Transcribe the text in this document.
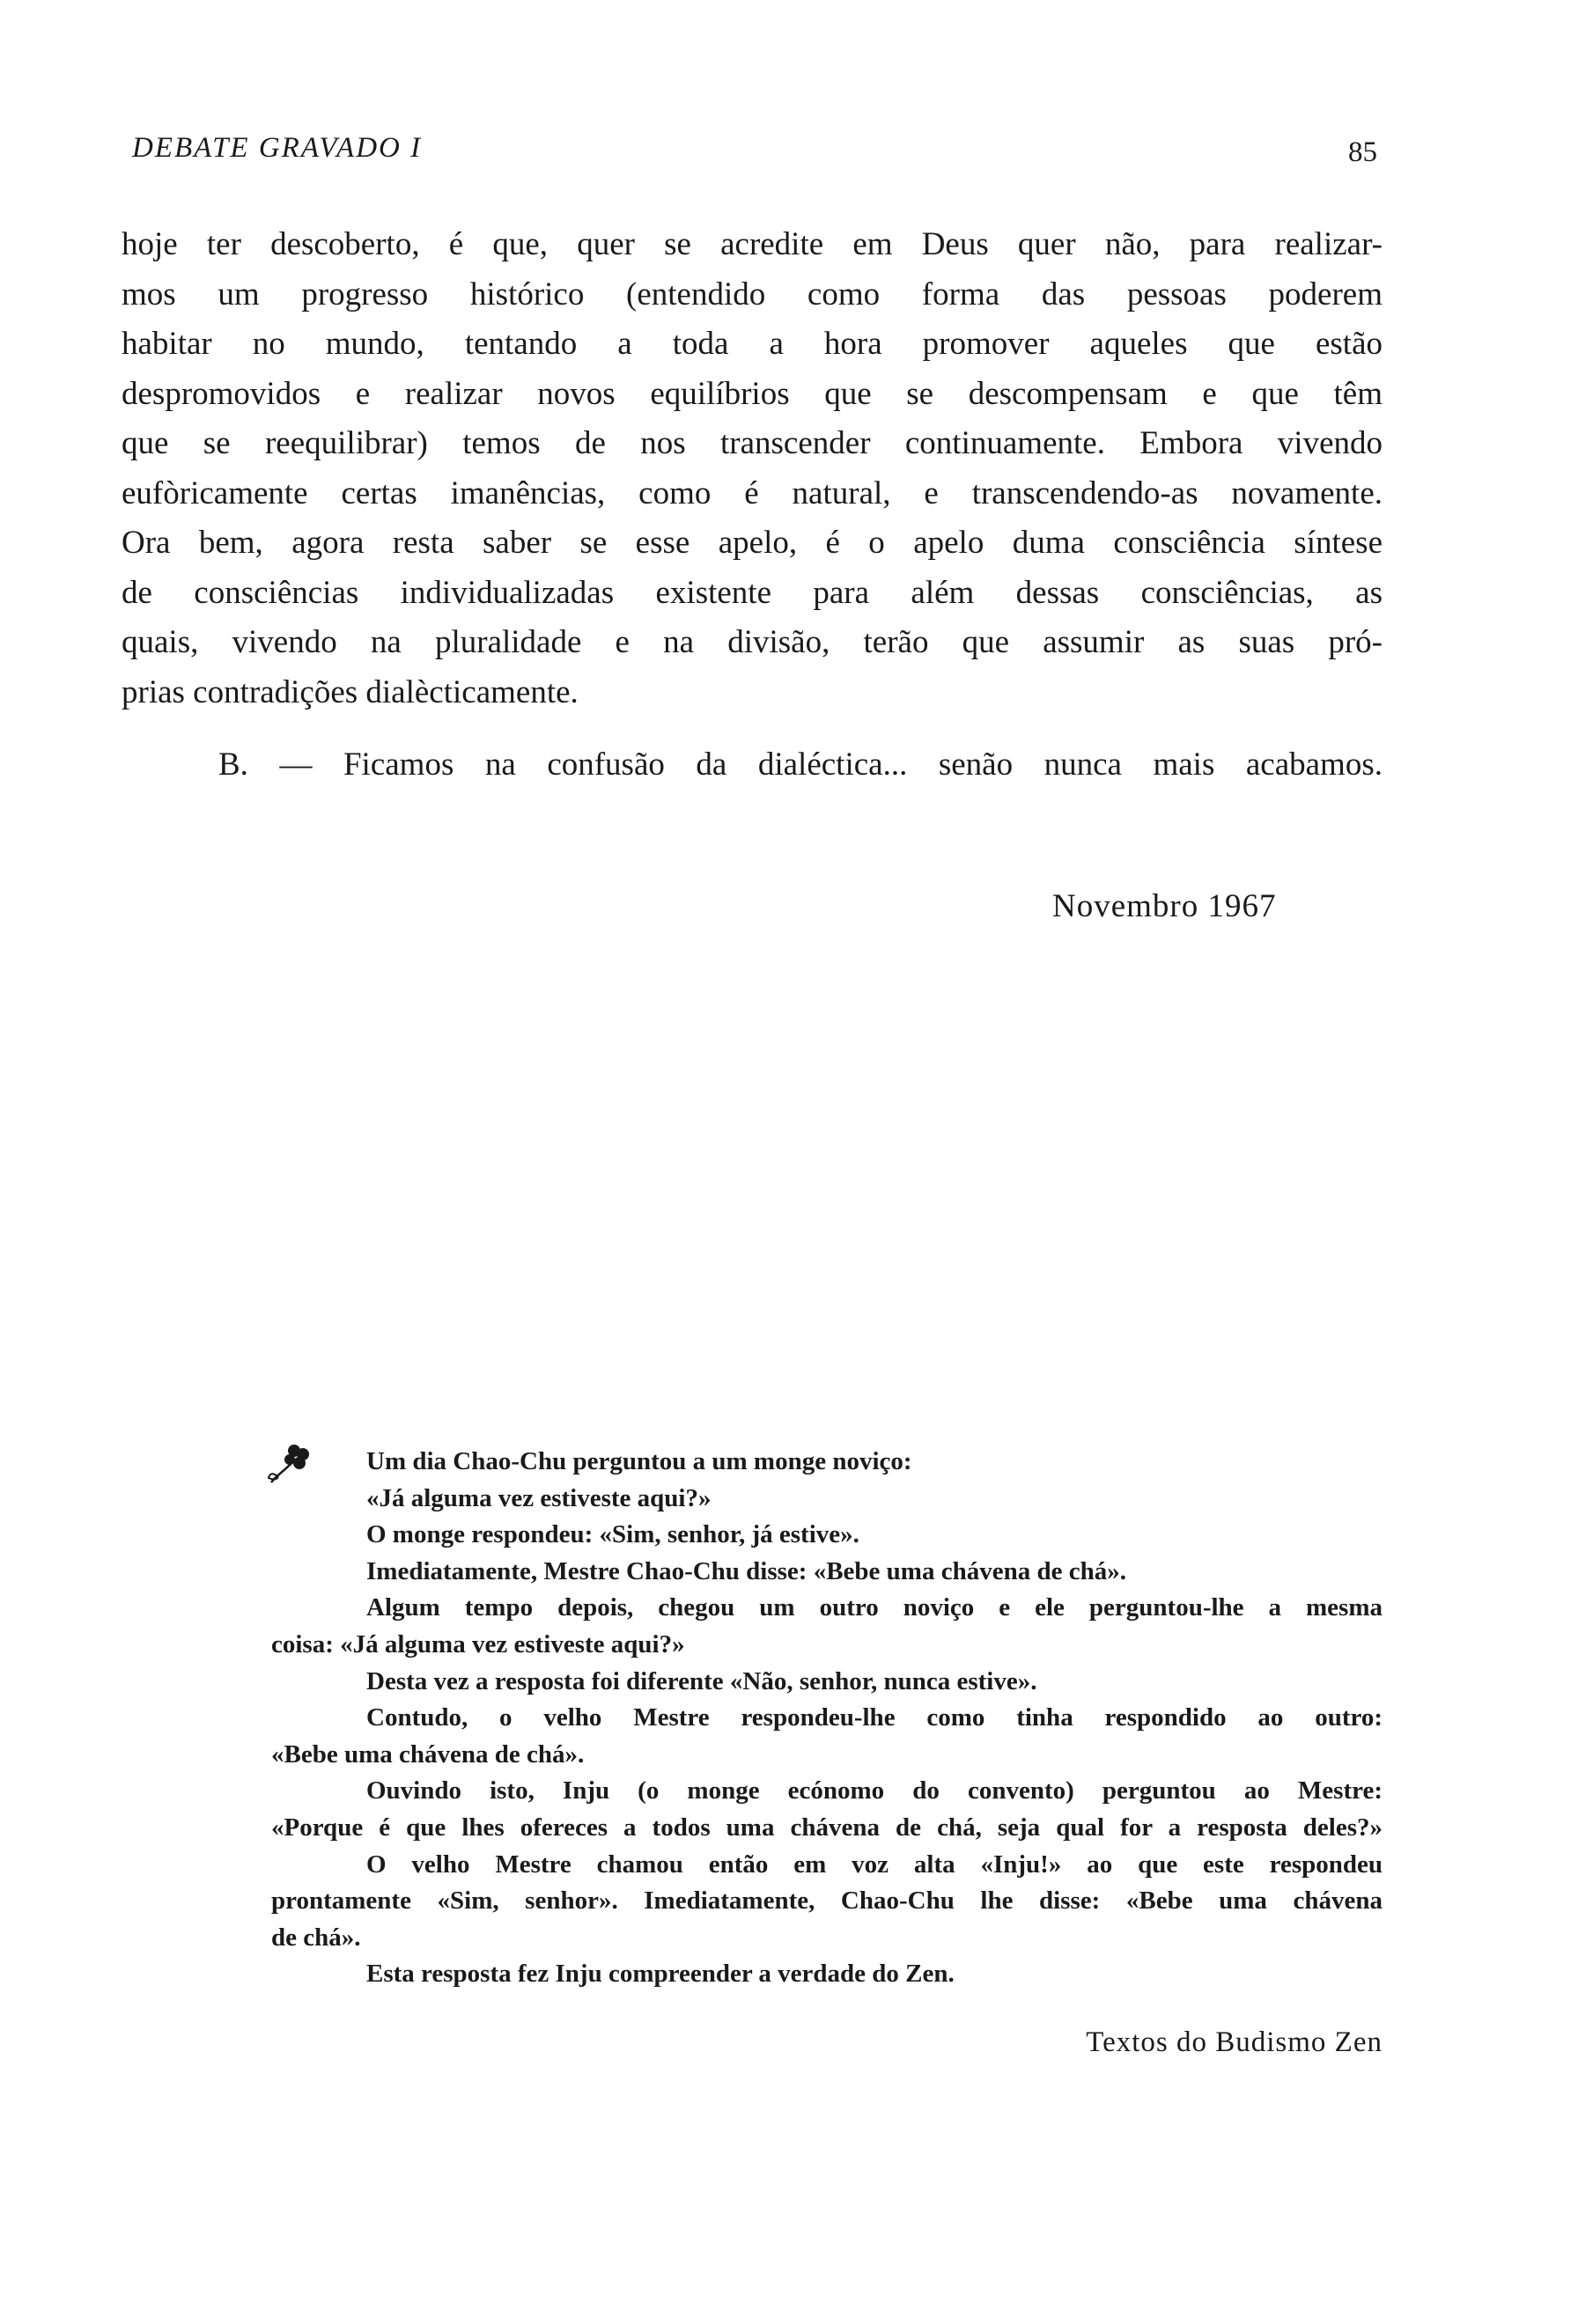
DEBATE GRAVADO I	85
hoje ter descoberto, é que, quer se acredite em Deus quer não, para realizar-
mos um progresso histórico (entendido como forma das pessoas poderem
habitar no mundo, tentando a toda a hora promover aqueles que estão
despromovidos e realizar novos equilíbrios que se descompensam e que têm
que se reequilibrar) temos de nos transcender continuamente. Embora vivendo
eufòricamente certas imanências, como é natural, e transcendendo-as novamente.
Ora bem, agora resta saber se esse apelo, é o apelo duma consciência síntese
de consciências individualizadas existente para além dessas consciências, as
quais, vivendo na pluralidade e na divisão, terão que assumir as suas pró-
prias contradições dialècticamente.
B. — Ficamos na confusão da dialéctica... senão nunca mais acabamos.
Novembro 1967
Um dia Chao-Chu perguntou a um monge noviço:
«Já alguma vez estiveste aqui?»
O monge respondeu: «Sim, senhor, já estive».
Imediatamente, Mestre Chao-Chu disse: «Bebe uma chávena de chá».
Algum tempo depois, chegou um outro noviço e ele perguntou-lhe a mesma
coisa: «Já alguma vez estiveste aqui?»
Desta vez a resposta foi diferente «Não, senhor, nunca estive».
Contudo, o velho Mestre respondeu-lhe como tinha respondido ao outro:
«Bebe uma chávena de chá».
Ouvindo isto, Inju (o monge ecónomo do convento) perguntou ao Mestre:
«Porque é que lhes ofereces a todos uma chávena de chá, seja qual for a resposta deles?»
O velho Mestre chamou então em voz alta «Inju!» ao que este respondeu
prontamente «Sim, senhor». Imediatamente, Chao-Chu lhe disse: «Bebe uma chávena
de chá».
Esta resposta fez Inju compreender a verdade do Zen.
Textos do Budismo Zen
